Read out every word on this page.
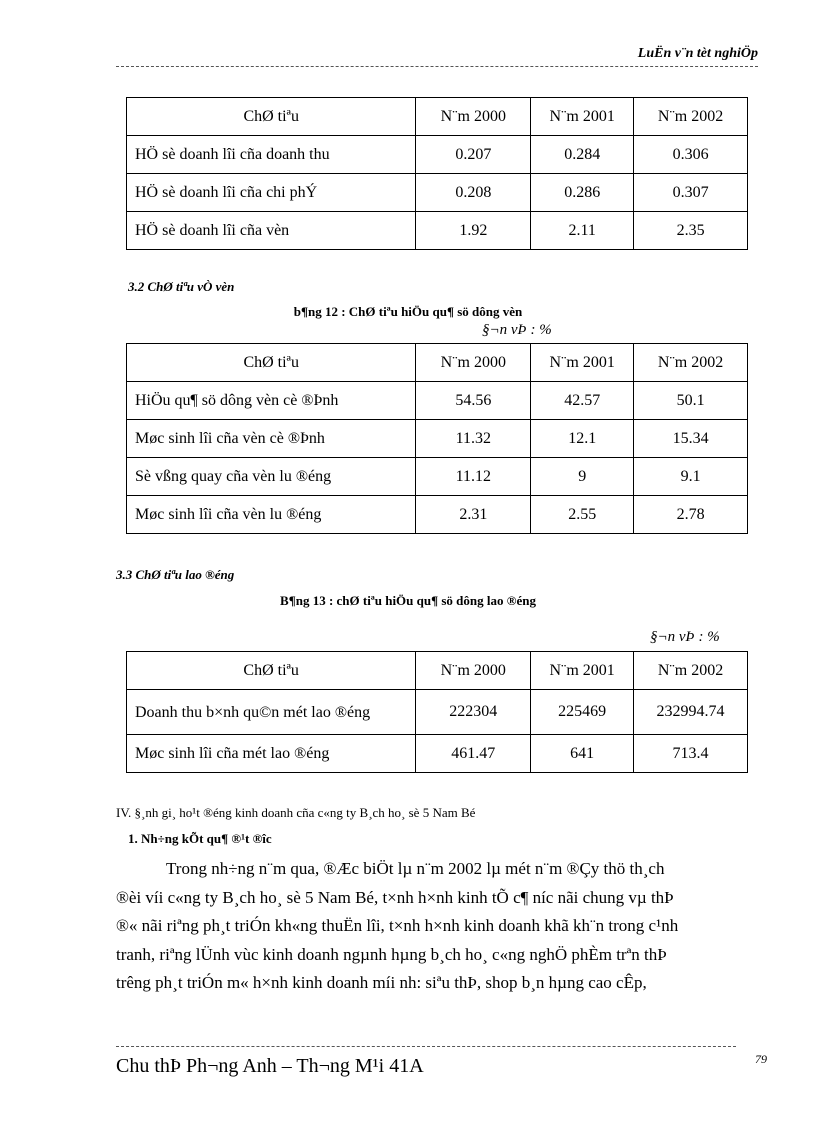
LuËn v¨n tèt nghiÖp
ChØ tiªu	N¨m 2000	N¨m 2001	N¨m 2002
HÖ sè doanh lîi cña doanh thu	0.207	0.284	0.306
HÖ sè doanh lîi cña chi phÝ	0.208	0.286	0.307
HÖ sè doanh lîi cña vèn	1.92	2.11	2.35
3.2 ChØ tiªu vÒ vèn
b¶ng 12 : ChØ tiªu hiÖu qu¶ sö dông vèn
§¬n vÞ : %
ChØ tiªu	N¨m 2000	N¨m 2001	N¨m 2002
HiÖu qu¶ sö dông vèn cè ®Þnh	54.56	42.57	50.1
Møc sinh lîi cña vèn cè ®Þnh	11.32	12.1	15.34
Sè vßng quay cña vèn lu ®éng	11.12	9	9.1
Møc sinh lîi cña vèn lu ®éng	2.31	2.55	2.78
3.3 ChØ tiªu lao ®éng
B¶ng 13 : chØ tiªu hiÖu qu¶ sö dông lao ®éng
§¬n vÞ : %
ChØ tiªu	N¨m 2000	N¨m 2001	N¨m 2002
Doanh thu b×nh qu©n mét lao ®éng	222304	225469	232994.74
Møc sinh lîi cña mét lao ®éng	461.47	641	713.4
IV. §¸nh gi¸ ho¹t ®éng kinh doanh cña c«ng ty B¸ch ho¸ sè 5 Nam Bé
1. Nh÷ng kÕt qu¶ ®¹t ®îc
Trong nh÷ng n¨m qua, ®Æc biÖt lµ n¨m 2002 lµ mét n¨m ®Çy thö th¸ch
®èi víi c«ng ty B¸ch ho¸ sè 5 Nam Bé, t×nh h×nh kinh tÕ c¶ níc nãi chung vµ thÞ
®« nãi riªng ph¸t triÓn kh«ng thuËn lîi, t×nh h×nh kinh doanh khã kh¨n trong c¹nh
tranh, riªng lÜnh vùc kinh doanh ngµnh hµng b¸ch ho¸ c«ng nghÖ phÈm trªn thÞ
trêng ph¸t triÓn m« h×nh kinh doanh míi nh: siªu thÞ, shop b¸n hµng cao cÊp,
Chu thÞ Ph¬ng Anh – Th¬ng M¹i 41A	79
